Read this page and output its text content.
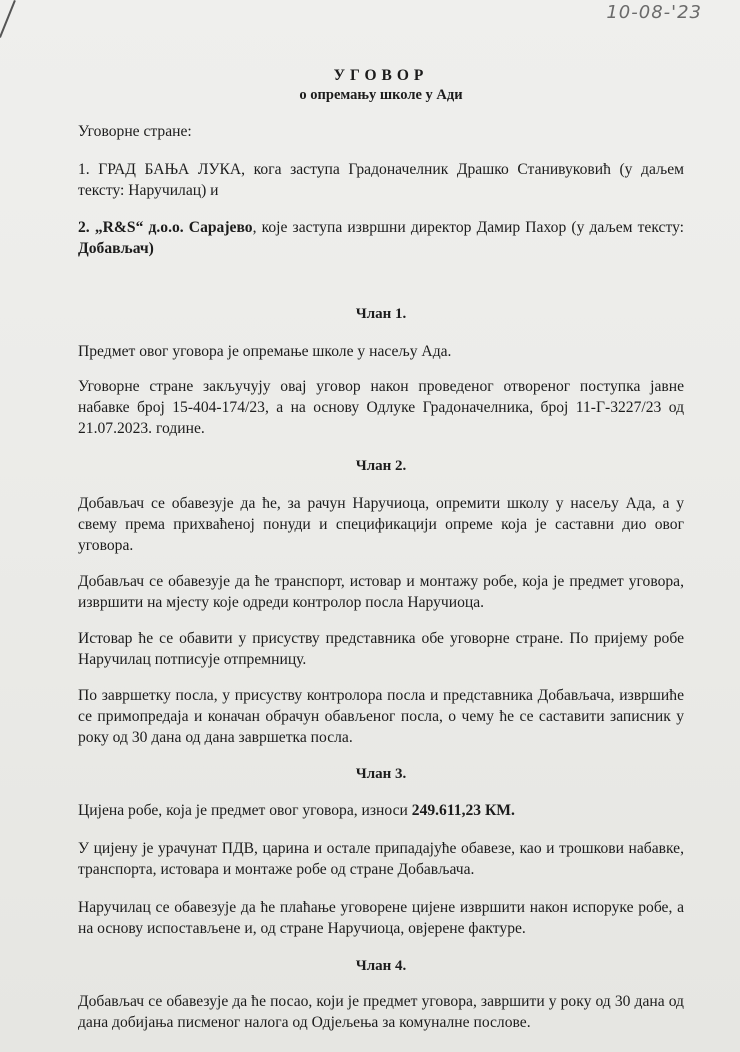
10-08-'23
УГОВОР
о опремању школе у Ади

Уговорне стране:

1. ГРАД БАЊА ЛУКА, кога заступа Градоначелник Драшко Станивуковић (у даљем тексту: Наручилац) и

2. „R&S“ д.о.о. Сарајево, које заступа извршни директор Дамир Пахор (у даљем тексту: Добављач)

Члан 1.

Предмет овог уговора је опремање школе у насељу Ада.

Уговорне стране закључују овај уговор након проведеног отвореног поступка јавне набавке број 15-404-174/23, а на основу Одлуке Градоначелника, број 11-Г-3227/23 од 21.07.2023. године.

Члан 2.

Добављач се обавезује да ће, за рачун Наручиоца, опремити школу у насељу Ада, а у свему према прихваћеној понуди и спецификацији опреме која је саставни дио овог уговора.

Добављач се обавезује да ће транспорт, истовар и монтажу робе, која је предмет уговора, извршити на мјесту које одреди контролор посла Наручиоца.

Истовар ће се обавити у присуству представника обе уговорне стране. По пријему робе Наручилац потписује отпремницу.

По завршетку посла, у присуству контролора посла и представника Добављача, извршиће се примопредаја и коначан обрачун обављеног посла, о чему ће се саставити записник у року од 30 дана од дана завршетка посла.

Члан 3.

Цијена робе, која је предмет овог уговора, износи 249.611,23 КМ.

У цијену је урачунат ПДВ, царина и остале припадајуће обавезе, као и трошкови набавке, транспорта, истовара и монтаже робе од стране Добављача.

Наручилац се обавезује да ће плаћање уговорене цијене извршити након испоруке робе, а на основу испостављене и, од стране Наручиоца, овјерене фактуре.

Члан 4.

Добављач се обавезује да ће посао, који је предмет уговора, завршити у року од 30 дана од дана добијања писменог налога од Одјељења за комуналне послове.
